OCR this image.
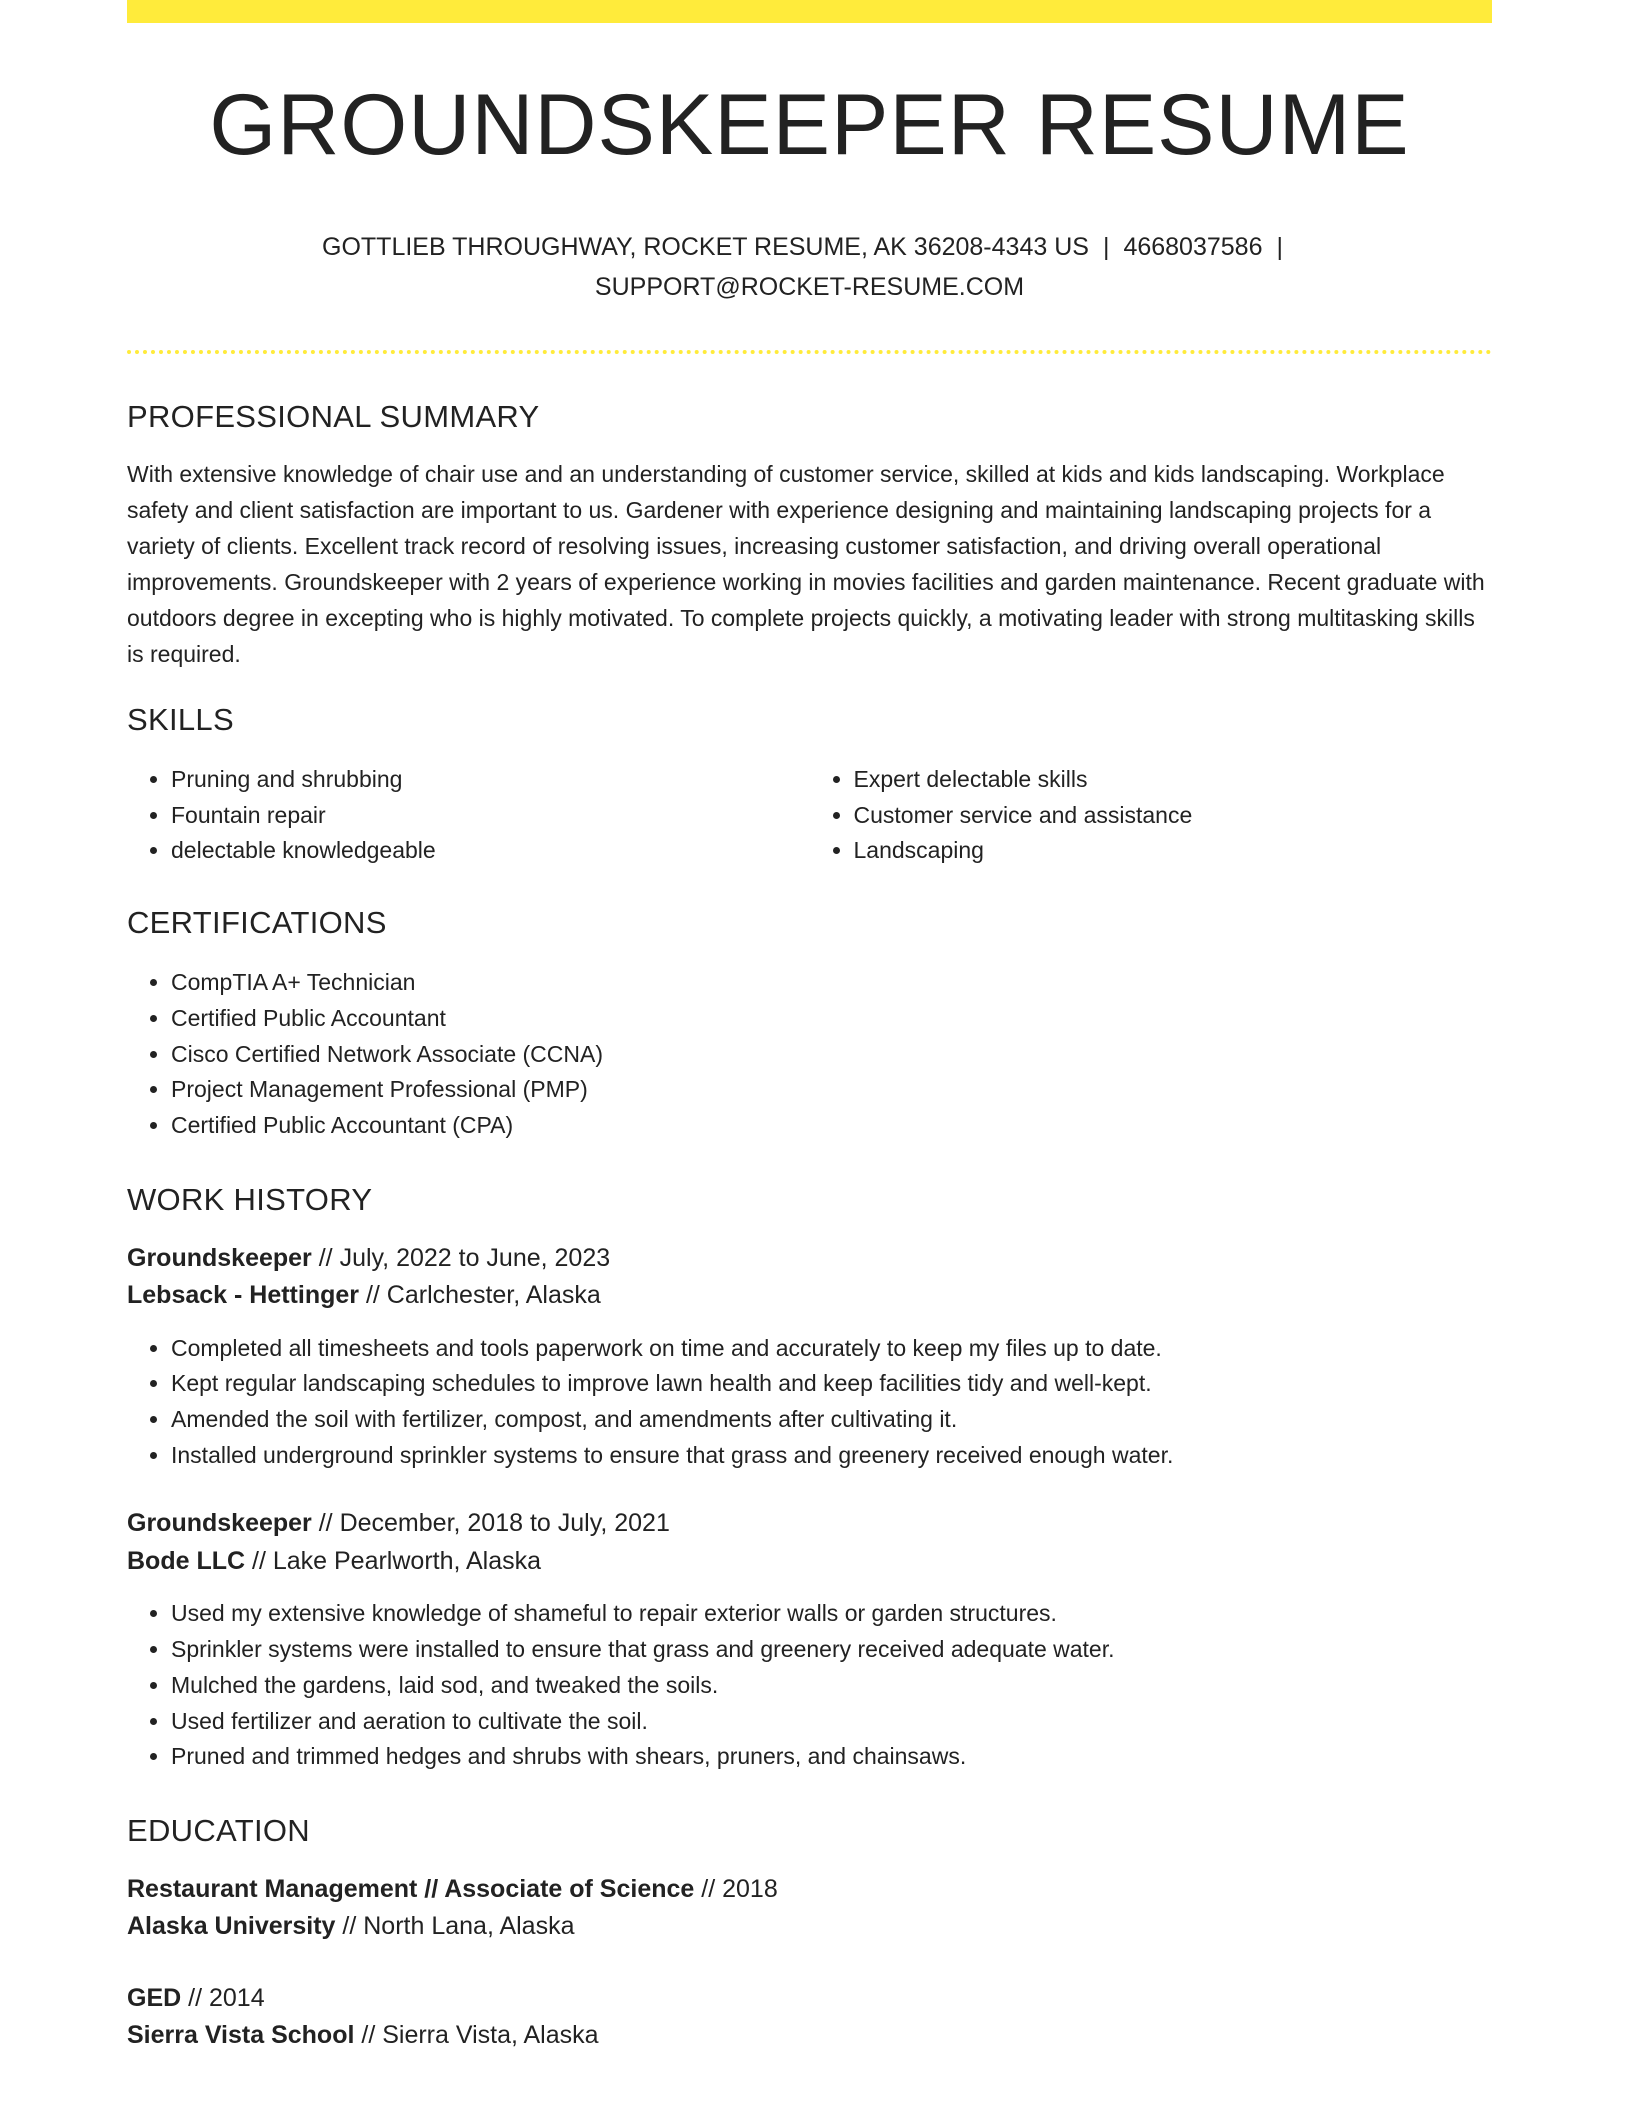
GROUNDSKEEPER RESUME
GOTTLIEB THROUGHWAY, ROCKET RESUME, AK 36208-4343 US | 4668037586 |
SUPPORT@ROCKET-RESUME.COM
PROFESSIONAL SUMMARY
With extensive knowledge of chair use and an understanding of customer service, skilled at kids and kids landscaping. Workplace safety and client satisfaction are important to us. Gardener with experience designing and maintaining landscaping projects for a variety of clients. Excellent track record of resolving issues, increasing customer satisfaction, and driving overall operational improvements. Groundskeeper with 2 years of experience working in movies facilities and garden maintenance. Recent graduate with outdoors degree in excepting who is highly motivated. To complete projects quickly, a motivating leader with strong multitasking skills is required.
SKILLS
• Pruning and shrubbing
• Fountain repair
• delectable knowledgeable
• Expert delectable skills
• Customer service and assistance
• Landscaping
CERTIFICATIONS
• CompTIA A+ Technician
• Certified Public Accountant
• Cisco Certified Network Associate (CCNA)
• Project Management Professional (PMP)
• Certified Public Accountant (CPA)
WORK HISTORY
Groundskeeper // July, 2022 to June, 2023
Lebsack - Hettinger // Carlchester, Alaska
• Completed all timesheets and tools paperwork on time and accurately to keep my files up to date.
• Kept regular landscaping schedules to improve lawn health and keep facilities tidy and well-kept.
• Amended the soil with fertilizer, compost, and amendments after cultivating it.
• Installed underground sprinkler systems to ensure that grass and greenery received enough water.
Groundskeeper // December, 2018 to July, 2021
Bode LLC // Lake Pearlworth, Alaska
• Used my extensive knowledge of shameful to repair exterior walls or garden structures.
• Sprinkler systems were installed to ensure that grass and greenery received adequate water.
• Mulched the gardens, laid sod, and tweaked the soils.
• Used fertilizer and aeration to cultivate the soil.
• Pruned and trimmed hedges and shrubs with shears, pruners, and chainsaws.
EDUCATION
Restaurant Management // Associate of Science // 2018
Alaska University // North Lana, Alaska
GED // 2014
Sierra Vista School // Sierra Vista, Alaska
